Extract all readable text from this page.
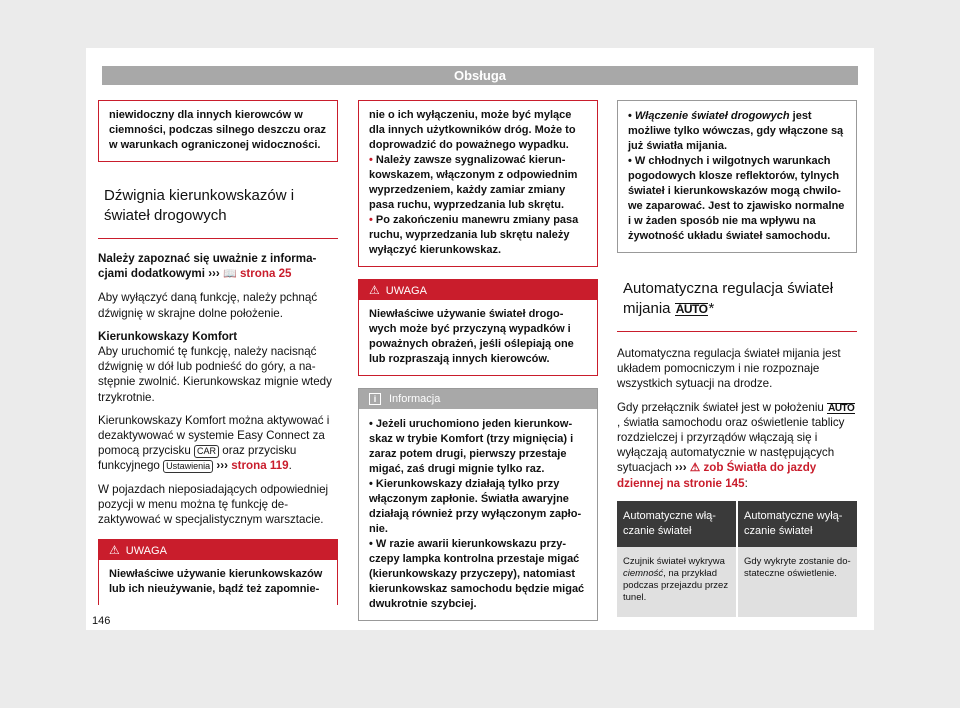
Obsługa
niewidoczny dla innych kierowców w ciemności, podczas silnego deszczu oraz w warunkach ograniczonej widoczności.
Dźwignia kierunkowskazów i świateł drogowych

Należy zapoznać się uważnie z informacjami dodatkowymi ››› 📖 strona 25

Aby wyłączyć daną funkcję, należy pchnąć dźwignię w skrajne dolne położenie.

Kierunkowskazy Komfort

Aby uruchomić tę funkcję, należy nacisnąć dźwignię w dół lub podnieść do góry, a następnie zwolnić. Kierunkowskaz mignie wtedy trzykrotnie.

Kierunkowskazy Komfort można aktywować i dezaktywować w systemie Easy Connect za pomocą przycisku CAR oraz przycisku funkcyjnego Ustawienia ››› strona 119.

W pojazdach nieposiadających odpowiedniej pozycji w menu można tę funkcję dezaktywować w specjalistycznym warsztacie.

⚠ UWAGA
Niewłaściwe używanie kierunkowskazów lub ich nieużywanie, bądź też zapomnie-
nie o ich wyłączeniu, może być mylące dla innych użytkowników dróg. Może to doprowadzić do poważnego wypadku.
• Należy zawsze sygnalizować kierunkowskazem, włączonym z odpowiednim wyprzedzeniem, każdy zamiar zmiany pasa ruchu, wyprzedzania lub skrętu.
• Po zakończeniu manewru zmiany pasa ruchu, wyprzedzania lub skrętu należy wyłączyć kierunkowskaz.
⚠ UWAGA
Niewłaściwe używanie świateł drogowych może być przyczyną wypadków i poważnych obrażeń, jeśli oślepiają one lub rozpraszają innych kierowców.
i Informacja
• Jeżeli uruchomiono jeden kierunkowskaz w trybie Komfort (trzy mignięcia) i zaraz potem drugi, pierwszy przestaje migać, zaś drugi mignie tylko raz.
• Kierunkowskazy działają tylko przy włączonym zapłonie. Światła awaryjne działają również przy wyłączonym zapłonie.
• W razie awarii kierunkowskazu przyczepy lampka kontrolna przestaje migać (kierunkowskazy przyczepy), natomiast kierunkowskaz samochodu będzie migać dwukrotnie szybciej.
• Włączenie świateł drogowych jest możliwe tylko wówczas, gdy włączone są już światła mijania.
• W chłodnych i wilgotnych warunkach pogodowych klosze reflektorów, tylnych świateł i kierunkowskazów mogą chwilowe zaparować. Jest to zjawisko normalne i w żaden sposób nie ma wpływu na żywotność układu świateł samochodu.
Automatyczna regulacja świateł mijania AUTO*

Automatyczna regulacja świateł mijania jest układem pomocniczym i nie rozpoznaje wszystkich sytuacji na drodze.

Gdy przełącznik świateł jest w położeniu AUTO, światła samochodu oraz oświetlenie tablicy rozdzielczej i przyrządów włączają się i wyłączają automatycznie w następujących sytuacjach ››› ⚠ zob Światła do jazdy dziennej na stronie 145:

Automatyczne włączanie świateł	Automatyczne wyłączanie świateł
Czujnik świateł wykrywa ciemność, na przykład podczas przejazdu przez tunel.	Gdy wykryte zostanie dostateczne oświetlenie.
146
